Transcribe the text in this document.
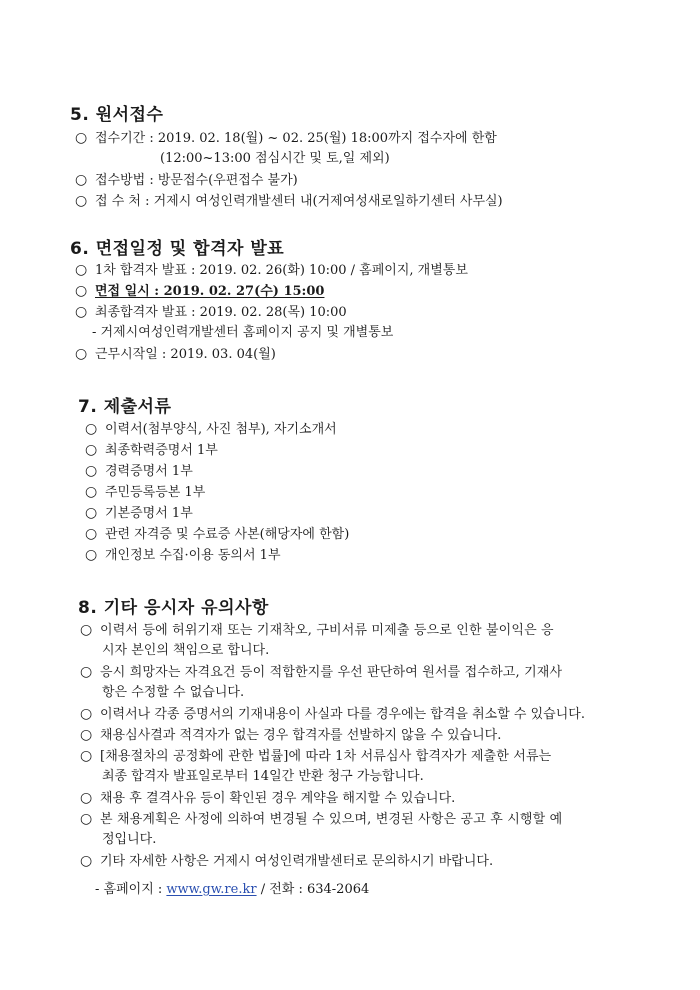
5. 원서접수
○ 접수기간 : 2019. 02. 18(월) ~ 02. 25(월) 18:00까지 접수자에 한함
(12:00~13:00 점심시간 및 토,일 제외)
○ 접수방법 : 방문접수(우편접수 불가)
○ 접 수 처 : 거제시 여성인력개발센터 내(거제여성새로일하기센터 사무실)
6. 면접일정 및 합격자 발표
○ 1차 합격자 발표 : 2019. 02. 26(화) 10:00 / 홈페이지, 개별통보
○ 면접 일시 : 2019. 02. 27(수) 15:00
○ 최종합격자 발표 : 2019. 02. 28(목) 10:00
- 거제시여성인력개발센터 홈페이지 공지 및 개별통보
○ 근무시작일 : 2019. 03. 04(월)
7. 제출서류
○ 이력서(첨부양식, 사진 첨부), 자기소개서
○ 최종학력증명서 1부
○ 경력증명서 1부
○ 주민등록등본 1부
○ 기본증명서 1부
○ 관련 자격증 및 수료증 사본(해당자에 한함)
○ 개인정보 수집·이용 동의서 1부
8. 기타 응시자 유의사항
○ 이력서 등에 허위기재 또는 기재착오, 구비서류 미제출 등으로 인한 불이익은 응
시자 본인의 책임으로 합니다.
○ 응시 희망자는 자격요건 등이 적합한지를 우선 판단하여 원서를 접수하고, 기재사
항은 수정할 수 없습니다.
○ 이력서나 각종 증명서의 기재내용이 사실과 다를 경우에는 합격을 취소할 수 있습니다.
○ 채용심사결과 적격자가 없는 경우 합격자를 선발하지 않을 수 있습니다.
○ [채용절차의 공정화에 관한 법률]에 따라 1차 서류심사 합격자가 제출한 서류는
최종 합격자 발표일로부터 14일간 반환 청구 가능합니다.
○ 채용 후 결격사유 등이 확인된 경우 계약을 해지할 수 있습니다.
○ 본 채용계획은 사정에 의하여 변경될 수 있으며, 변경된 사항은 공고 후 시행할 예
정입니다.
○ 기타 자세한 사항은 거제시 여성인력개발센터로 문의하시기 바랍니다.
- 홈페이지 : www.gw.re.kr / 전화 : 634-2064
